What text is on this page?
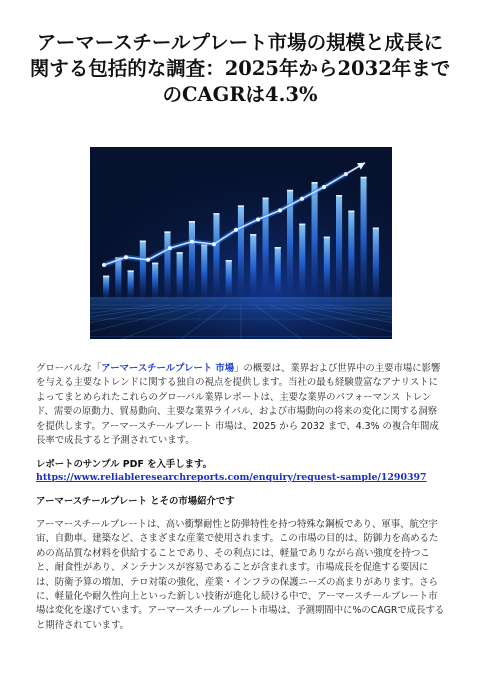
アーマースチールプレート市場の規模と成長に関する包括的な調査：2025年から2032年までのCAGRは4.3%

グローバルな「アーマースチールプレート 市場」の概要は、業界および世界中の主要市場に影響を与える主要なトレンドに関する独自の視点を提供します。当社の最も経験豊富なアナリストによってまとめられたこれらのグローバル業界レポートは、主要な業界のパフォーマンス トレンド、需要の原動力、貿易動向、主要な業界ライバル、および市場動向の将来の変化に関する洞察を提供します。アーマースチールプレート 市場は、2025 から 2032 まで、4.3% の複合年間成長率で成長すると予測されています。

レポートのサンプル PDF を入手します。
https://www.reliableresearchreports.com/enquiry/request-sample/1290397
アーマースチールプレート とその市場紹介です

アーマースチールプレートは、高い衝撃耐性と防弾特性を持つ特殊な鋼板であり、軍事、航空宇宙、自動車、建築など、さまざまな産業で使用されます。この市場の目的は、防御力を高めるための高品質な材料を供給することであり、その利点には、軽量でありながら高い強度を持つこと、耐食性があり、メンテナンスが容易であることが含まれます。市場成長を促進する要因には、防衛予算の増加、テロ対策の強化、産業・インフラの保護ニーズの高まりがあります。さらに、軽量化や耐久性向上といった新しい技術が進化し続ける中で、アーマースチールプレート市場は変化を遂げています。アーマースチールプレート市場は、予測期間中に%のCAGRで成長すると期待されています。
